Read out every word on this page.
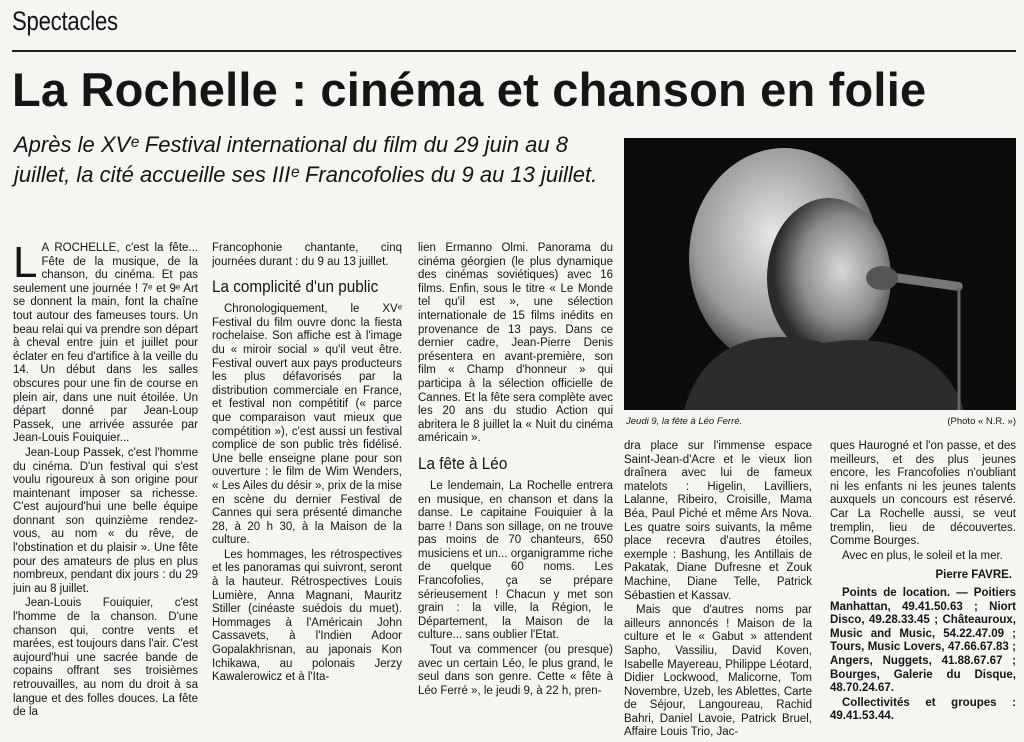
Spectacles
La Rochelle : cinéma et chanson en folie
Après le XVᵉ Festival international du film du 29 juin au 8 juillet, la cité accueille ses IIIᵉ Francofolies du 9 au 13 juillet.
Jeudi 9, la fête à Léo Ferré.	(Photo « N.R. »)

L A ROCHELLE, c'est la fête... Fête de la musique, de la chanson, du cinéma. Et pas seulement une journée ! 7ᵉ et 9ᵉ Art se donnent la main, font la chaîne tout autour des fameuses tours. Un beau relai qui va prendre son départ à cheval entre juin et juillet pour éclater en feu d'artifice à la veille du 14. Un début dans les salles obscures pour une fin de course en plein air, dans une nuit étoilée. Un départ donné par Jean-Loup Passek, une arrivée assurée par Jean-Louis Fouiquier...

Jean-Loup Passek, c'est l'homme du cinéma. D'un festival qui s'est voulu rigoureux à son origine pour maintenant imposer sa richesse. C'est aujourd'hui une belle équipe donnant son quinzième rendez-vous, au nom « du rêve, de l'obstination et du plaisir ». Une fête pour des amateurs de plus en plus nombreux, pendant dix jours : du 29 juin au 8 juillet.

Jean-Louis Fouiquier, c'est l'homme de la chanson. D'une chanson qui, contre vents et marées, est toujours dans l'air. C'est aujourd'hui une sacrée bande de copains offrant ses troisièmes retrouvailles, au nom du droit à sa langue et des folles douces. La fête de la

Francophonie chantante, cinq journées durant : du 9 au 13 juillet.

La complicité d'un public

Chronologiquement, le XVᵉ Festival du film ouvre donc la fiesta rochelaise. Son affiche est à l'image du « miroir social » qu'il veut être. Festival ouvert aux pays producteurs les plus défavorisés par la distribution commerciale en France, et festival non compétitif (« parce que comparaison vaut mieux que compétition »), c'est aussi un festival complice de son public très fidélisé. Une belle enseigne plane pour son ouverture : le film de Wim Wenders, « Les Ailes du désir », prix de la mise en scène du dernier Festival de Cannes qui sera présenté dimanche 28, à 20 h 30, à la Maison de la culture.

Les hommages, les rétrospectives et les panoramas qui suivront, seront à la hauteur. Rétrospectives Louis Lumière, Anna Magnani, Mauritz Stiller (cinéaste suédois du muet). Hommages à l'Américain John Cassavets, à l'Indien Adoor Gopalakhrisnan, au japonais Kon Ichikawa, au polonais Jerzy Kawalerowicz et à l'Ita-

lien Ermanno Olmi. Panorama du cinéma géorgien (le plus dynamique des cinémas soviétiques) avec 16 films. Enfin, sous le titre « Le Monde tel qu'il est », une sélection internationale de 15 films inédits en provenance de 13 pays. Dans ce dernier cadre, Jean-Pierre Denis présentera en avant-première, son film « Champ d'honneur » qui participa à la sélection officielle de Cannes. Et la fête sera complète avec les 20 ans du studio Action qui abritera le 8 juillet la « Nuit du cinéma américain ».

La fête à Léo

Le lendemain, La Rochelle entrera en musique, en chanson et dans la danse. Le capitaine Fouiquier à la barre ! Dans son sillage, on ne trouve pas moins de 70 chanteurs, 650 musiciens et un... organigramme riche de quelque 60 noms. Les Francofolies, ça se prépare sérieusement ! Chacun y met son grain : la ville, la Région, le Département, la Maison de la culture... sans oublier l'Etat.

Tout va commencer (ou presque) avec un certain Léo, le plus grand, le seul dans son genre. Cette « fête à Léo Ferré », le jeudi 9, à 22 h, pren-

dra place sur l'immense espace Saint-Jean-d'Acre et le vieux lion draînera avec lui de fameux matelots : Higelin, Lavilliers, Lalanne, Ribeiro, Croisille, Mama Béa, Paul Piché et même Ars Nova. Les quatre soirs suivants, la même place recevra d'autres étoiles, exemple : Bashung, les Antillais de Pakatak, Diane Dufresne et Zouk Machine, Diane Telle, Patrick Sébastien et Kassav.

Mais que d'autres noms par ailleurs annoncés ! Maison de la culture et le « Gabut » attendent Sapho, Vassiliu, David Koven, Isabelle Mayereau, Philippe Léotard, Didier Lockwood, Malicorne, Tom Novembre, Uzeb, les Ablettes, Carte de Séjour, Langoureau, Rachid Bahri, Daniel Lavoie, Patrick Bruel, Affaire Louis Trio, Jac-

ques Haurogné et l'on passe, et des meilleurs, et des plus jeunes encore, les Francofolies n'oubliant ni les enfants ni les jeunes talents auxquels un concours est réservé. Car La Rochelle aussi, se veut tremplin, lieu de découvertes. Comme Bourges.

Avec en plus, le soleil et la mer.

Pierre FAVRE.

Points de location. — Poitiers Manhattan, 49.41.50.63 ; Niort Disco, 49.28.33.45 ; Châteauroux, Music and Music, 54.22.47.09 ; Tours, Music Lovers, 47.66.67.83 ; Angers, Nuggets, 41.88.67.67 ; Bourges, Galerie du Disque, 48.70.24.67.

Collectivités et groupes : 49.41.53.44.
